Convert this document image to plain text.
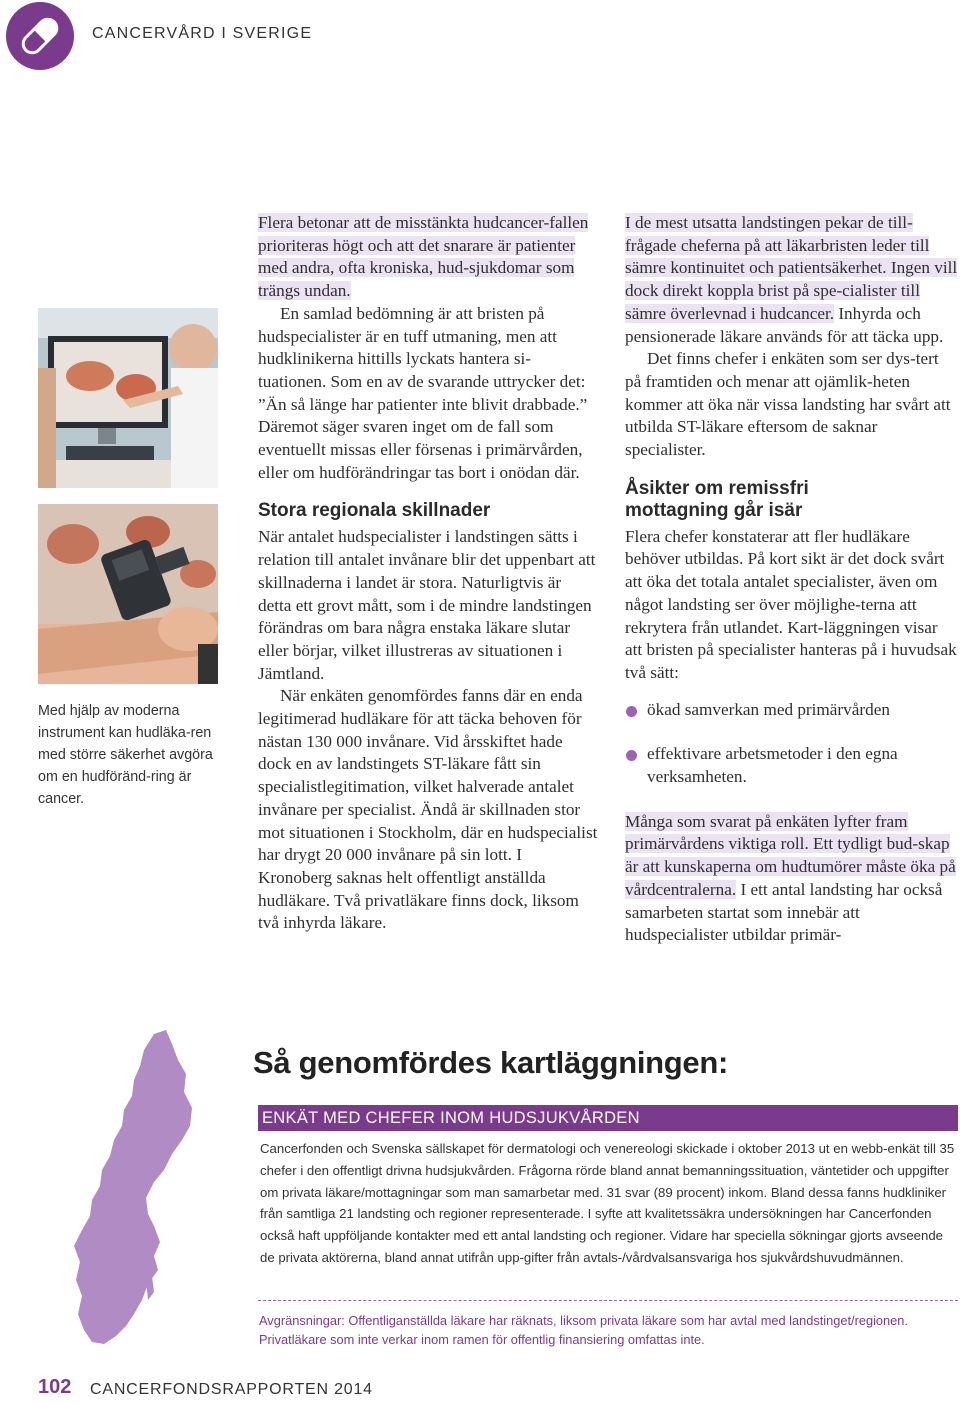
CANCERVÅRD I SVERIGE
Med hjälp av moderna instrument kan hudläka-ren med större säkerhet avgöra om en hudföränd-ring är cancer.

Flera betonar att de misstänkta hudcancer-fallen prioriteras högt och att det snarare är patienter med andra, ofta kroniska, hud-sjukdomar som trängs undan.

En samlad bedömning är att bristen på hudspecialister är en tuff utmaning, men att hudklinikerna hittills lyckats hantera si-tuationen. Som en av de svarande uttrycker det: ”Än så länge har patienter inte blivit drabbade.” Däremot säger svaren inget om de fall som eventuellt missas eller försenas i primärvården, eller om hudförändringar tas bort i onödan där.

Stora regionala skillnader

När antalet hudspecialister i landstingen sätts i relation till antalet invånare blir det uppenbart att skillnaderna i landet är stora. Naturligtvis är detta ett grovt mått, som i de mindre landstingen förändras om bara några enstaka läkare slutar eller börjar, vilket illustreras av situationen i Jämtland.

När enkäten genomfördes fanns där en enda legitimerad hudläkare för att täcka behoven för nästan 130 000 invånare. Vid årsskiftet hade dock en av landstingets ST-läkare fått sin specialistlegitimation, vilket halverade antalet invånare per specialist. Ändå är skillnaden stor mot situationen i Stockholm, där en hudspecialist har drygt 20 000 invånare på sin lott. I Kronoberg saknas helt offentligt anställda hudläkare. Två privatläkare finns dock, liksom två inhyrda läkare.

I de mest utsatta landstingen pekar de till-frågade cheferna på att läkarbristen leder till sämre kontinuitet och patientsäkerhet. Ingen vill dock direkt koppla brist på spe-cialister till sämre överlevnad i hudcancer. Inhyrda och pensionerade läkare används för att täcka upp.

Det finns chefer i enkäten som ser dys-tert på framtiden och menar att ojämlik-heten kommer att öka när vissa landsting har svårt att utbilda ST-läkare eftersom de saknar specialister.

Åsikter om remissfri
mottagning går isär

Flera chefer konstaterar att fler hudläkare behöver utbildas. På kort sikt är det dock svårt att öka det totala antalet specialister, även om något landsting ser över möjlighe-terna att rekrytera från utlandet. Kart-läggningen visar att bristen på specialister hanteras på i huvudsak två sätt:

ökad samverkan med primärvården
effektivare arbetsmetoder i den egna verksamheten.

Många som svarat på enkäten lyfter fram primärvårdens viktiga roll. Ett tydligt bud-skap är att kunskaperna om hudtumörer måste öka på vårdcentralerna. I ett antal landsting har också samarbeten startat som innebär att hudspecialister utbildar primär-

Så genomfördes kartläggningen:
ENKÄT MED CHEFER INOM HUDSJUKVÅRDEN
Cancerfonden och Svenska sällskapet för dermatologi och venereologi skickade i oktober 2013 ut en webb-enkät till 35 chefer i den offentligt drivna hudsjukvården. Frågorna rörde bland annat bemanningssituation, väntetider och uppgifter om privata läkare/mottagningar som man samarbetar med. 31 svar (89 procent) inkom. Bland dessa fanns hudkliniker från samtliga 21 landsting och regioner representerade. I syfte att kvalitetssäkra undersökningen har Cancerfonden också haft uppföljande kontakter med ett antal landsting och regioner. Vidare har speciella sökningar gjorts avseende de privata aktörerna, bland annat utifrån upp-gifter från avtals-/vårdvalsansvariga hos sjukvårdshuvudmännen.
Avgränsningar: Offentliganställda läkare har räknats, liksom privata läkare som har avtal med landstinget/regionen. Privatläkare som inte verkar inom ramen för offentlig finansiering omfattas inte.
102 CANCERFONDSRAPPORTEN 2014
